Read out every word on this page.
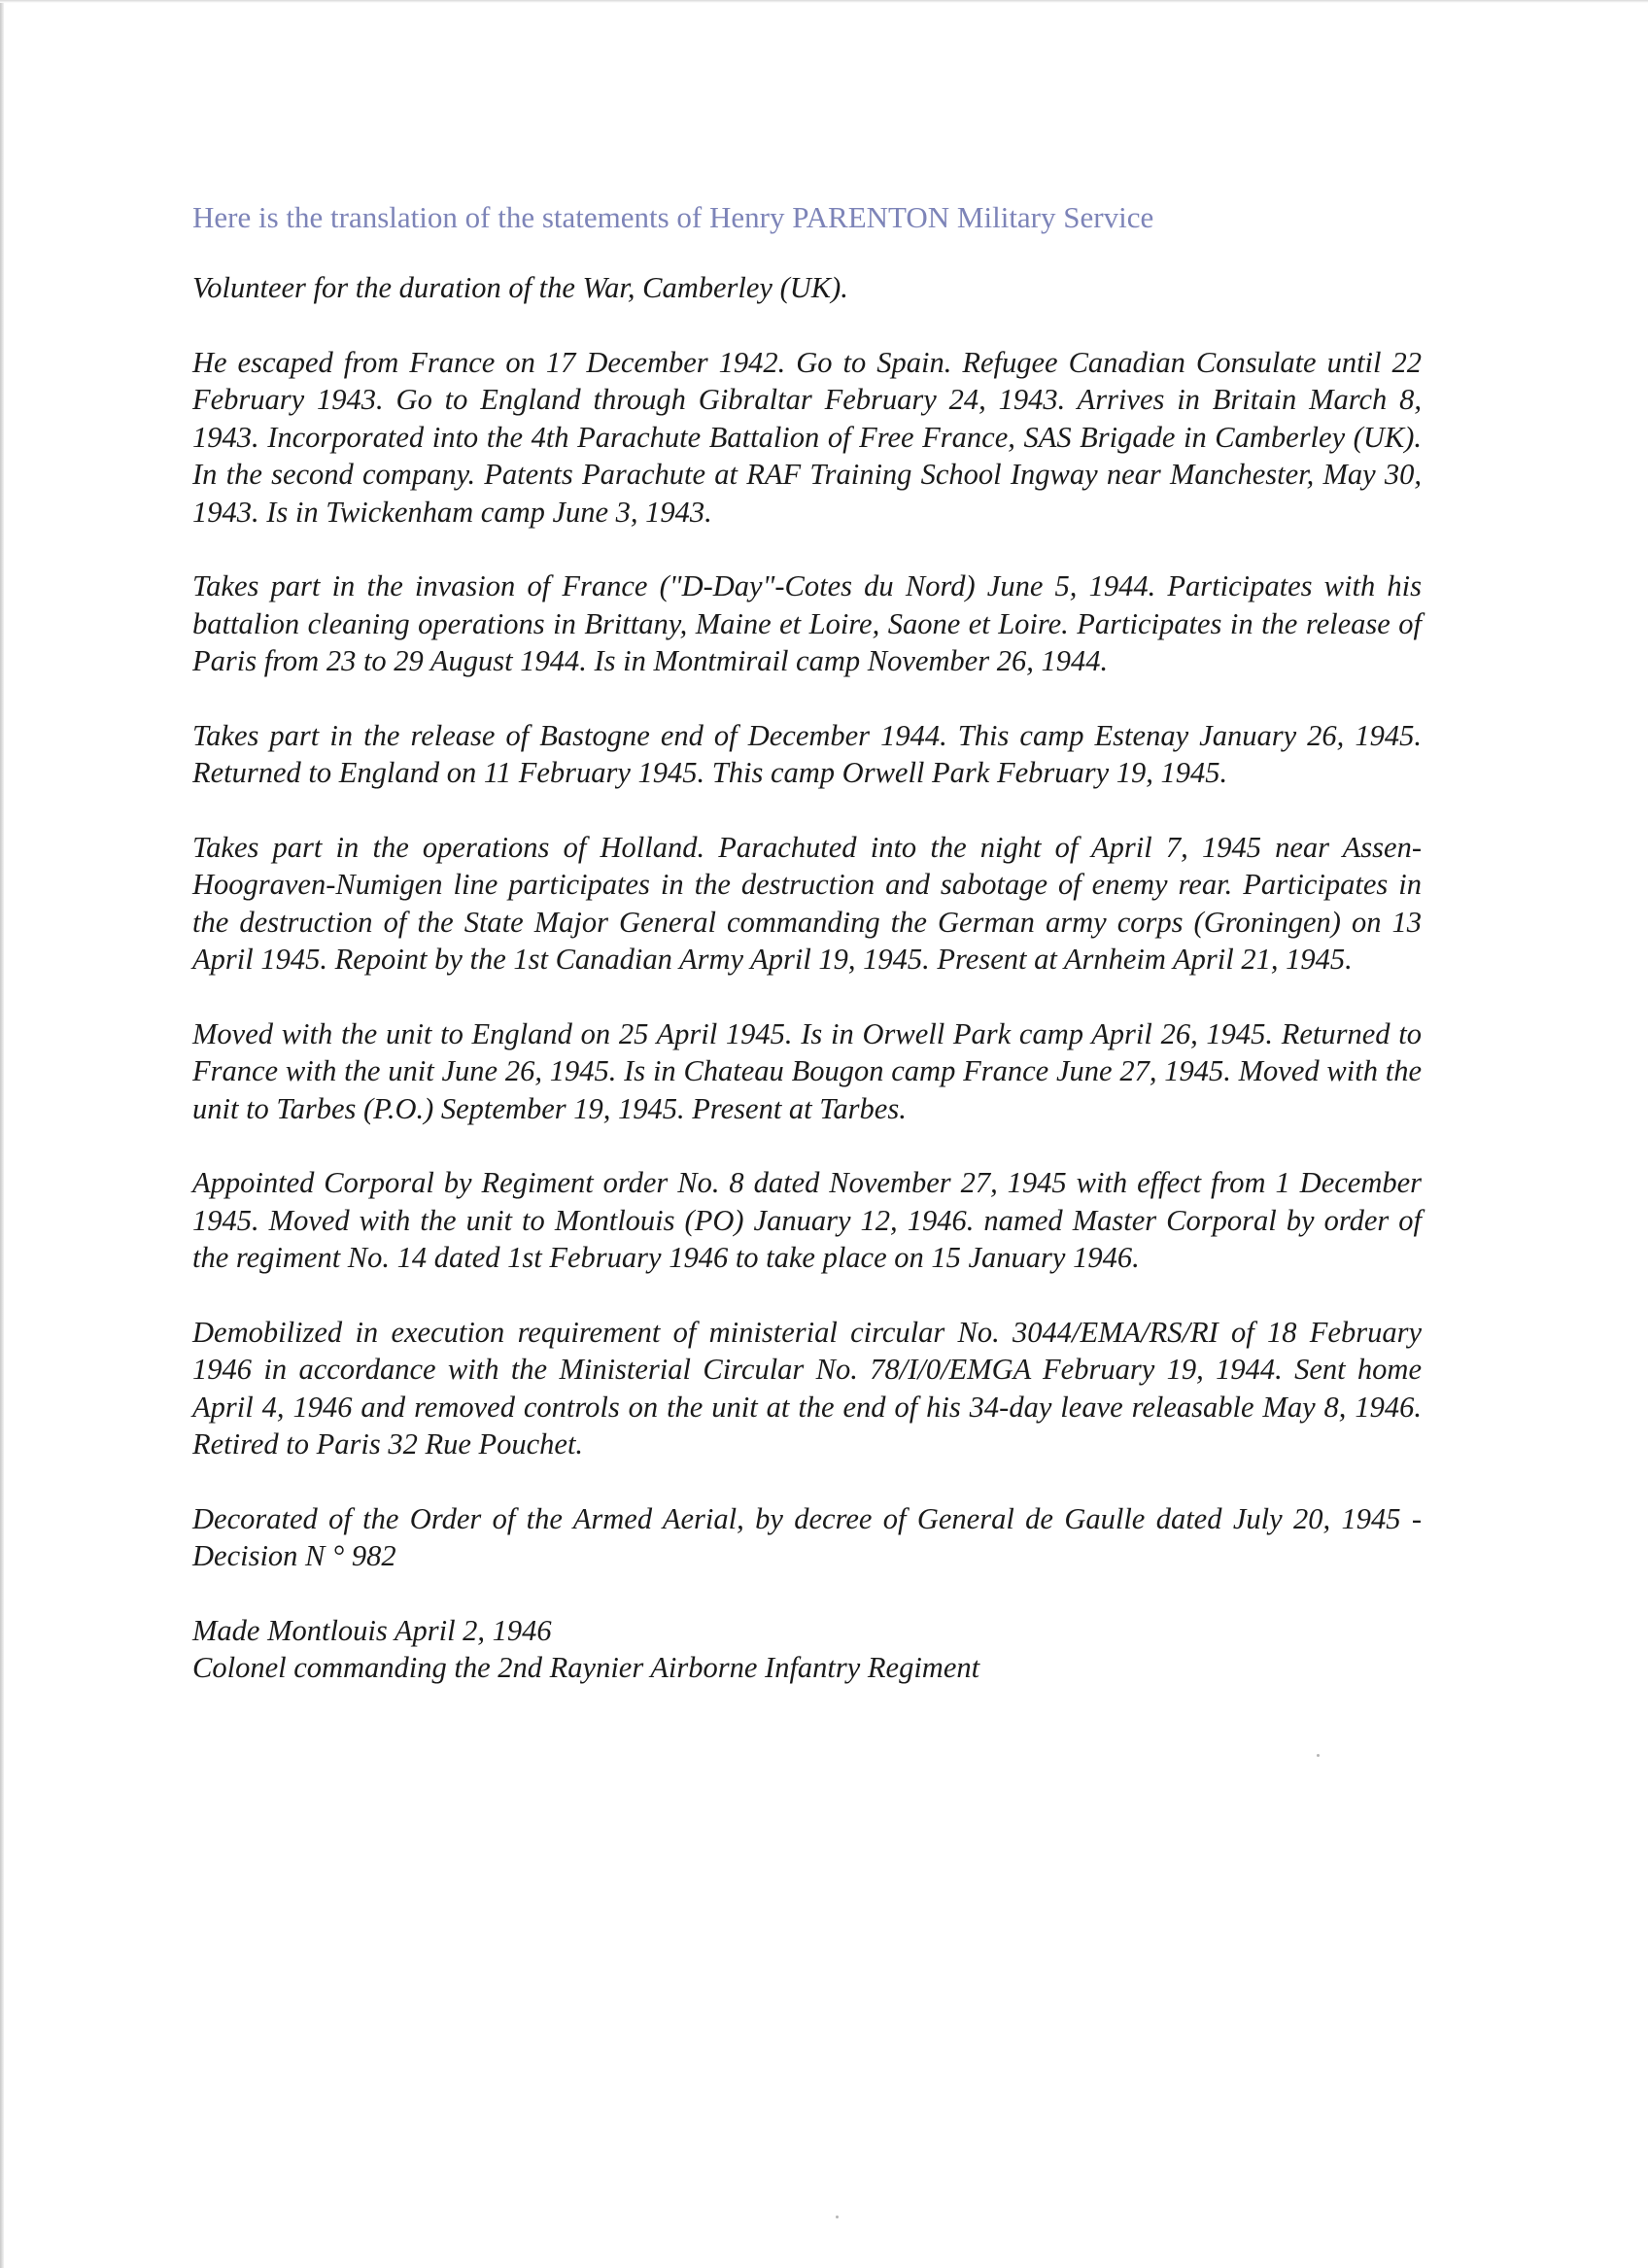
Here is the translation of the statements of Henry PARENTON Military Service

Volunteer for the duration of the War, Camberley (UK).

He escaped from France on 17 December 1942. Go to Spain. Refugee Canadian Consulate until 22 February 1943. Go to England through Gibraltar February 24, 1943. Arrives in Britain March 8, 1943. Incorporated into the 4th Parachute Battalion of Free France, SAS Brigade in Camberley (UK). In the second company. Patents Parachute at RAF Training School Ingway near Manchester, May 30, 1943. Is in Twickenham camp June 3, 1943.

Takes part in the invasion of France ("D-Day"-Cotes du Nord) June 5, 1944. Participates with his battalion cleaning operations in Brittany, Maine et Loire, Saone et Loire. Participates in the release of Paris from 23 to 29 August 1944. Is in Montmirail camp November 26, 1944.

Takes part in the release of Bastogne end of December 1944. This camp Estenay January 26, 1945. Returned to England on 11 February 1945. This camp Orwell Park February 19, 1945.

Takes part in the operations of Holland. Parachuted into the night of April 7, 1945 near Assen-Hoograven-Numigen line participates in the destruction and sabotage of enemy rear. Participates in the destruction of the State Major General commanding the German army corps (Groningen) on 13 April 1945. Repoint by the 1st Canadian Army April 19, 1945. Present at Arnheim April 21, 1945.

Moved with the unit to England on 25 April 1945. Is in Orwell Park camp April 26, 1945. Returned to France with the unit June 26, 1945. Is in Chateau Bougon camp France June 27, 1945. Moved with the unit to Tarbes (P.O.) September 19, 1945. Present at Tarbes.

Appointed Corporal by Regiment order No. 8 dated November 27, 1945 with effect from 1 December 1945. Moved with the unit to Montlouis (PO) January 12, 1946. named Master Corporal by order of the regiment No. 14 dated 1st February 1946 to take place on 15 January 1946.

Demobilized in execution requirement of ministerial circular No. 3044/EMA/RS/RI of 18 February 1946 in accordance with the Ministerial Circular No. 78/I/0/EMGA February 19, 1944. Sent home April 4, 1946 and removed controls on the unit at the end of his 34-day leave releasable May 8, 1946. Retired to Paris 32 Rue Pouchet.

Decorated of the Order of the Armed Aerial, by decree of General de Gaulle dated July 20, 1945 - Decision N ° 982

Made Montlouis April 2, 1946
Colonel commanding the 2nd Raynier Airborne Infantry Regiment
